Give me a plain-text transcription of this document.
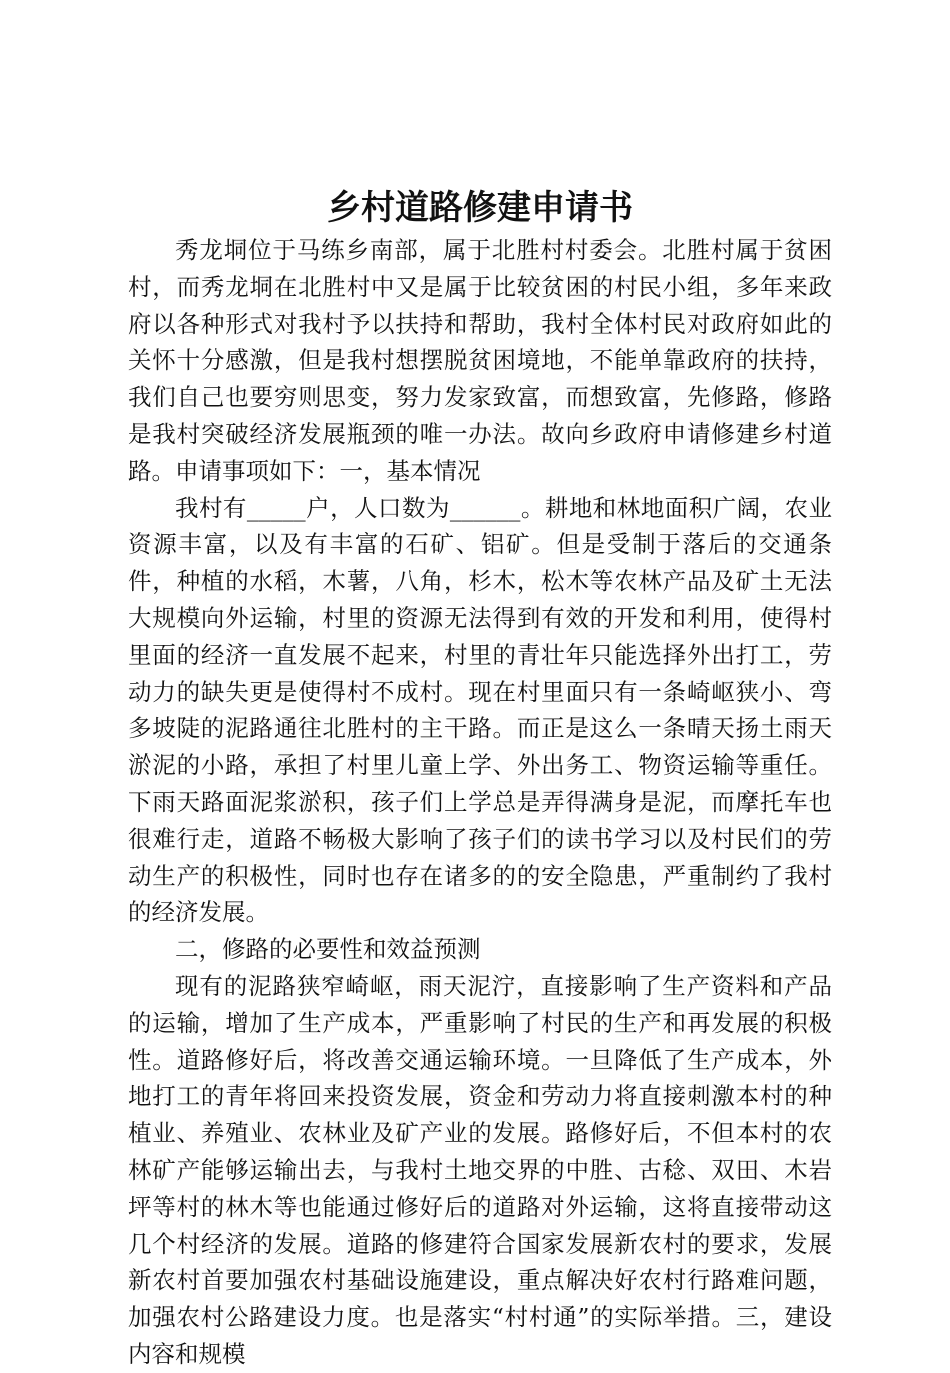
乡村道路修建申请书

秀龙垌位于马练乡南部，属于北胜村村委会。北胜村属于贫困村，而秀龙垌在北胜村中又是属于比较贫困的村民小组，多年来政府以各种形式对我村予以扶持和帮助，我村全体村民对政府如此的关怀十分感激，但是我村想摆脱贫困境地，不能单靠政府的扶持，我们自己也要穷则思变，努力发家致富，而想致富，先修路，修路是我村突破经济发展瓶颈的唯一办法。故向乡政府申请修建乡村道路。申请事项如下：一，基本情况

我村有_____户，人口数为______。耕地和林地面积广阔，农业资源丰富，以及有丰富的石矿、铝矿。但是受制于落后的交通条件，种植的水稻，木薯，八角，杉木，松木等农林产品及矿土无法大规模向外运输，村里的资源无法得到有效的开发和利用，使得村里面的经济一直发展不起来，村里的青壮年只能选择外出打工，劳动力的缺失更是使得村不成村。现在村里面只有一条崎岖狭小、弯多坡陡的泥路通往北胜村的主干路。而正是这么一条晴天扬土雨天淤泥的小路，承担了村里儿童上学、外出务工、物资运输等重任。下雨天路面泥浆淤积，孩子们上学总是弄得满身是泥，而摩托车也很难行走，道路不畅极大影响了孩子们的读书学习以及村民们的劳动生产的积极性，同时也存在诸多的的安全隐患，严重制约了我村的经济发展。

二，修路的必要性和效益预测

现有的泥路狭窄崎岖，雨天泥泞，直接影响了生产资料和产品的运输，增加了生产成本，严重影响了村民的生产和再发展的积极性。道路修好后，将改善交通运输环境。一旦降低了生产成本，外地打工的青年将回来投资发展，资金和劳动力将直接刺激本村的种植业、养殖业、农林业及矿产业的发展。路修好后，不但本村的农林矿产能够运输出去，与我村土地交界的中胜、古稔、双田、木岩坪等村的林木等也能通过修好后的道路对外运输，这将直接带动这几个村经济的发展。道路的修建符合国家发展新农村的要求，发展新农村首要加强农村基础设施建设，重点解决好农村行路难问题，加强农村公路建设力度。也是落实“村村通”的实际举措。三，建设内容和规模
